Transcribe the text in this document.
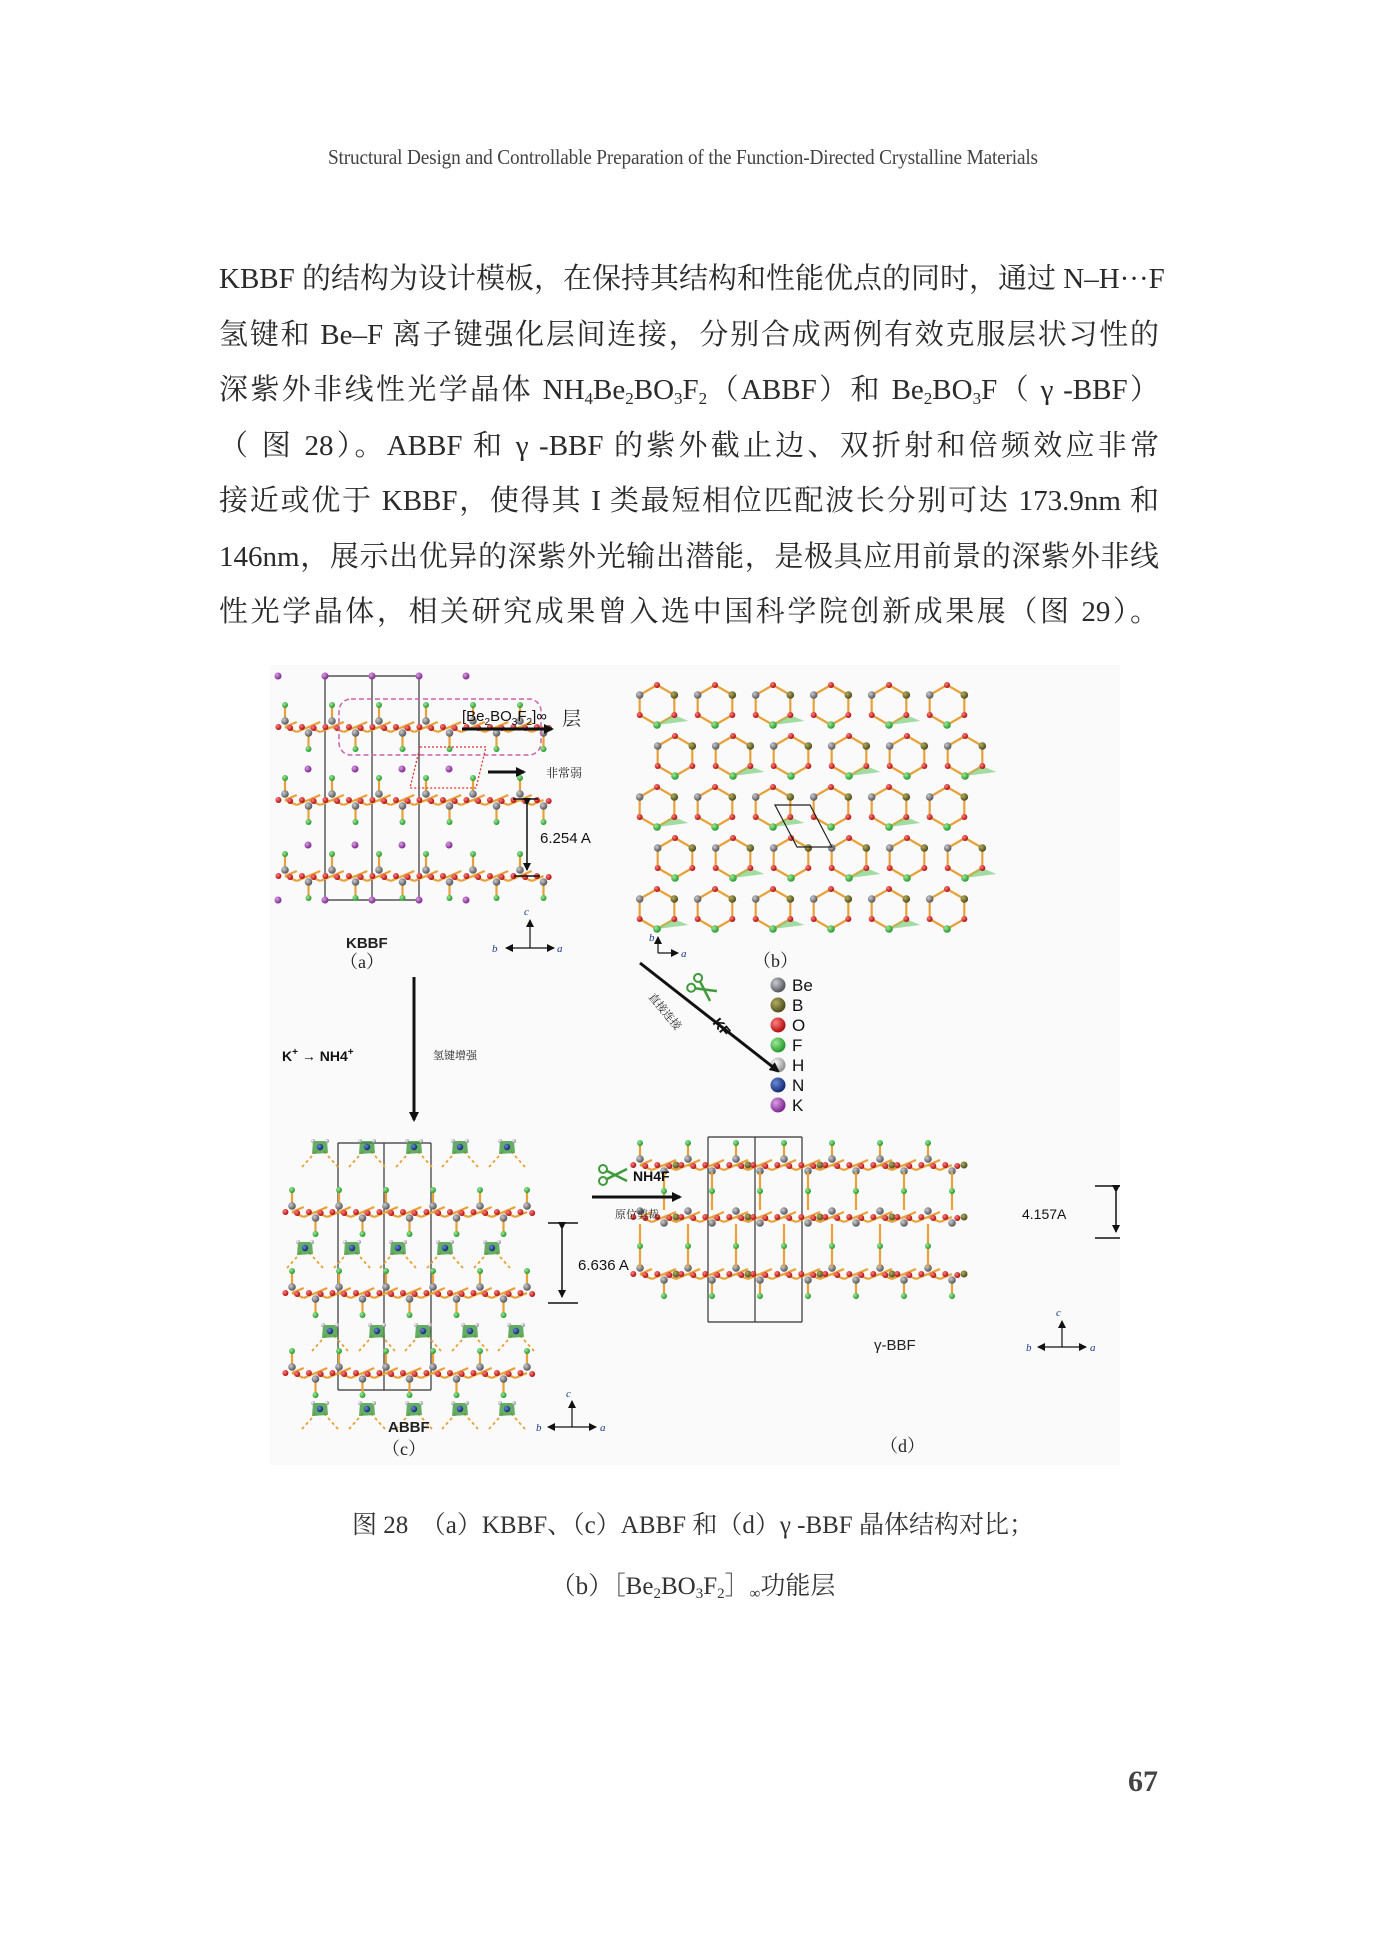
Structural Design and Controllable Preparation of the Function-Directed Crystalline Materials
KBBF 的结构为设计模板，在保持其结构和性能优点的同时，通过 N–H···F
氢键和 Be–F 离子键强化层间连接，分别合成两例有效克服层状习性的
深紫外非线性光学晶体 $NH_4Be_2BO_3F_2(ABBF)$和 $Be_2BO_3F$（ γ -BBF）
（ 图 28）。ABBF 和 γ -BBF 的紫外截止边、双折射和倍频效应非常
接近或优于 KBBF，使得其 I 类最短相位匹配波长分别可达 173.9nm 和
146nm，展示出优异的深紫外光输出潜能，是极具应用前景的深紫外非线
性光学晶体，相关研究成果曾入选中国科学院创新成果展（图 29）。
b
a
$[Be_2BO_3F_2]\infty$ 层
非常弱
6.254 A
KBBF
（a）
c
b	a
（b）
Be
B
O
F
H
N
K
K+ → NH4+	氢键增强
KF
直接连接
NH4F
原位剪裁
6.636 A
ABBF
（c）
c
b	a
4.157A
γ-BBF
（d）
c
b	a
图 28　（a）KBBF、（c）ABBF 和（d）γ -BBF 晶体结构对比；
$(b)[Be_2BO_3F_2]_\infty$功能层
67
